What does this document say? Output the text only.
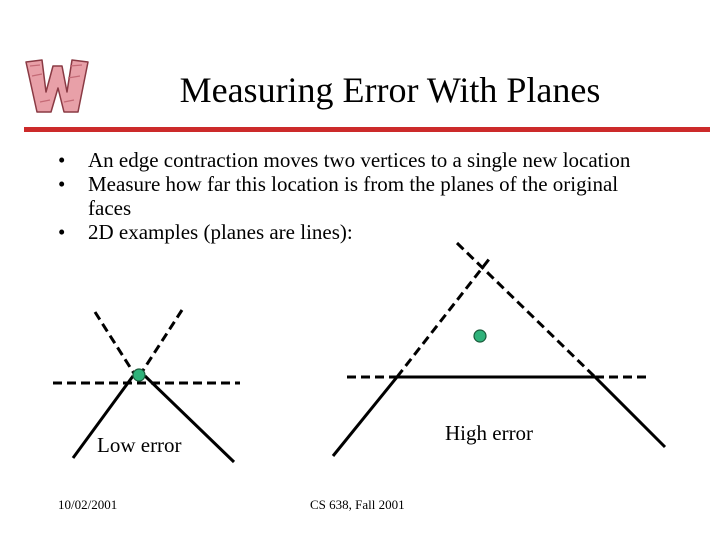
Measuring Error With Planes
• An edge contraction moves two vertices to a single new location
• Measure how far this location is from the planes of the original faces
• 2D examples (planes are lines):
Low error	High error
10/02/2001	CS 638, Fall 2001
